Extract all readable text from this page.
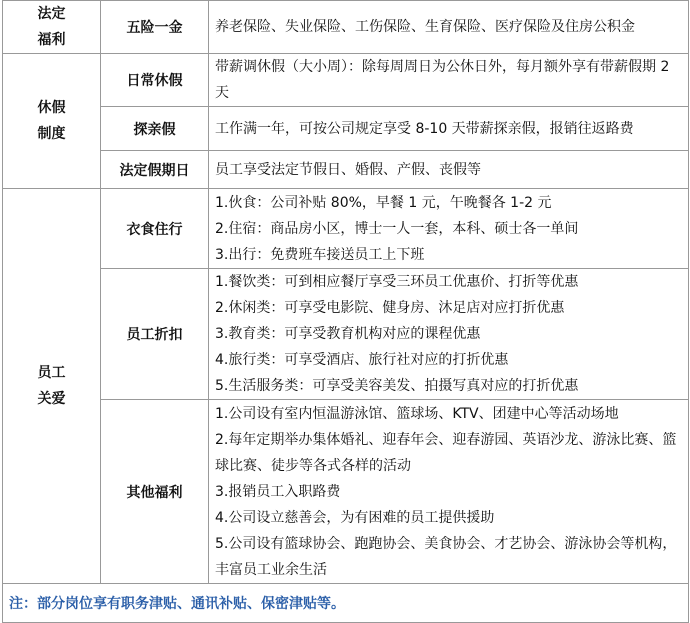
法定
福利	五险一金	养老保险、失业保险、工伤保险、生育保险、医疗保险及住房公积金

休假
制度	日常休假	带薪调休假（大小周）：除每周周日为公休日外，每月额外享有带薪假期 2 天

	探亲假	工作满一年，可按公司规定享受 8-10 天带薪探亲假，报销往返路费

	法定假期日	员工享受法定节假日、婚假、产假、丧假等

员工
关爱	衣食住行	1.伙食：公司补贴 80%，早餐 1 元，午晚餐各 1-2 元
2.住宿：商品房小区，博士一人一套，本科、硕士各一单间
3.出行：免费班车接送员工上下班

	员工折扣	1.餐饮类：可到相应餐厅享受三环员工优惠价、打折等优惠
2.休闲类：可享受电影院、健身房、沐足店对应打折优惠
3.教育类：可享受教育机构对应的课程优惠
4.旅行类：可享受酒店、旅行社对应的打折优惠
5.生活服务类：可享受美容美发、拍摄写真对应的打折优惠

	其他福利	1.公司设有室内恒温游泳馆、篮球场、KTV、团建中心等活动场地
2.每年定期举办集体婚礼、迎春年会、迎春游园、英语沙龙、游泳比赛、篮球比赛、徒步等各式各样的活动
3.报销员工入职路费
4.公司设立慈善会，为有困难的员工提供援助
5.公司设有篮球协会、跑跑协会、美食协会、才艺协会、游泳协会等机构，丰富员工业余生活

注：部分岗位享有职务津贴、通讯补贴、保密津贴等。		
